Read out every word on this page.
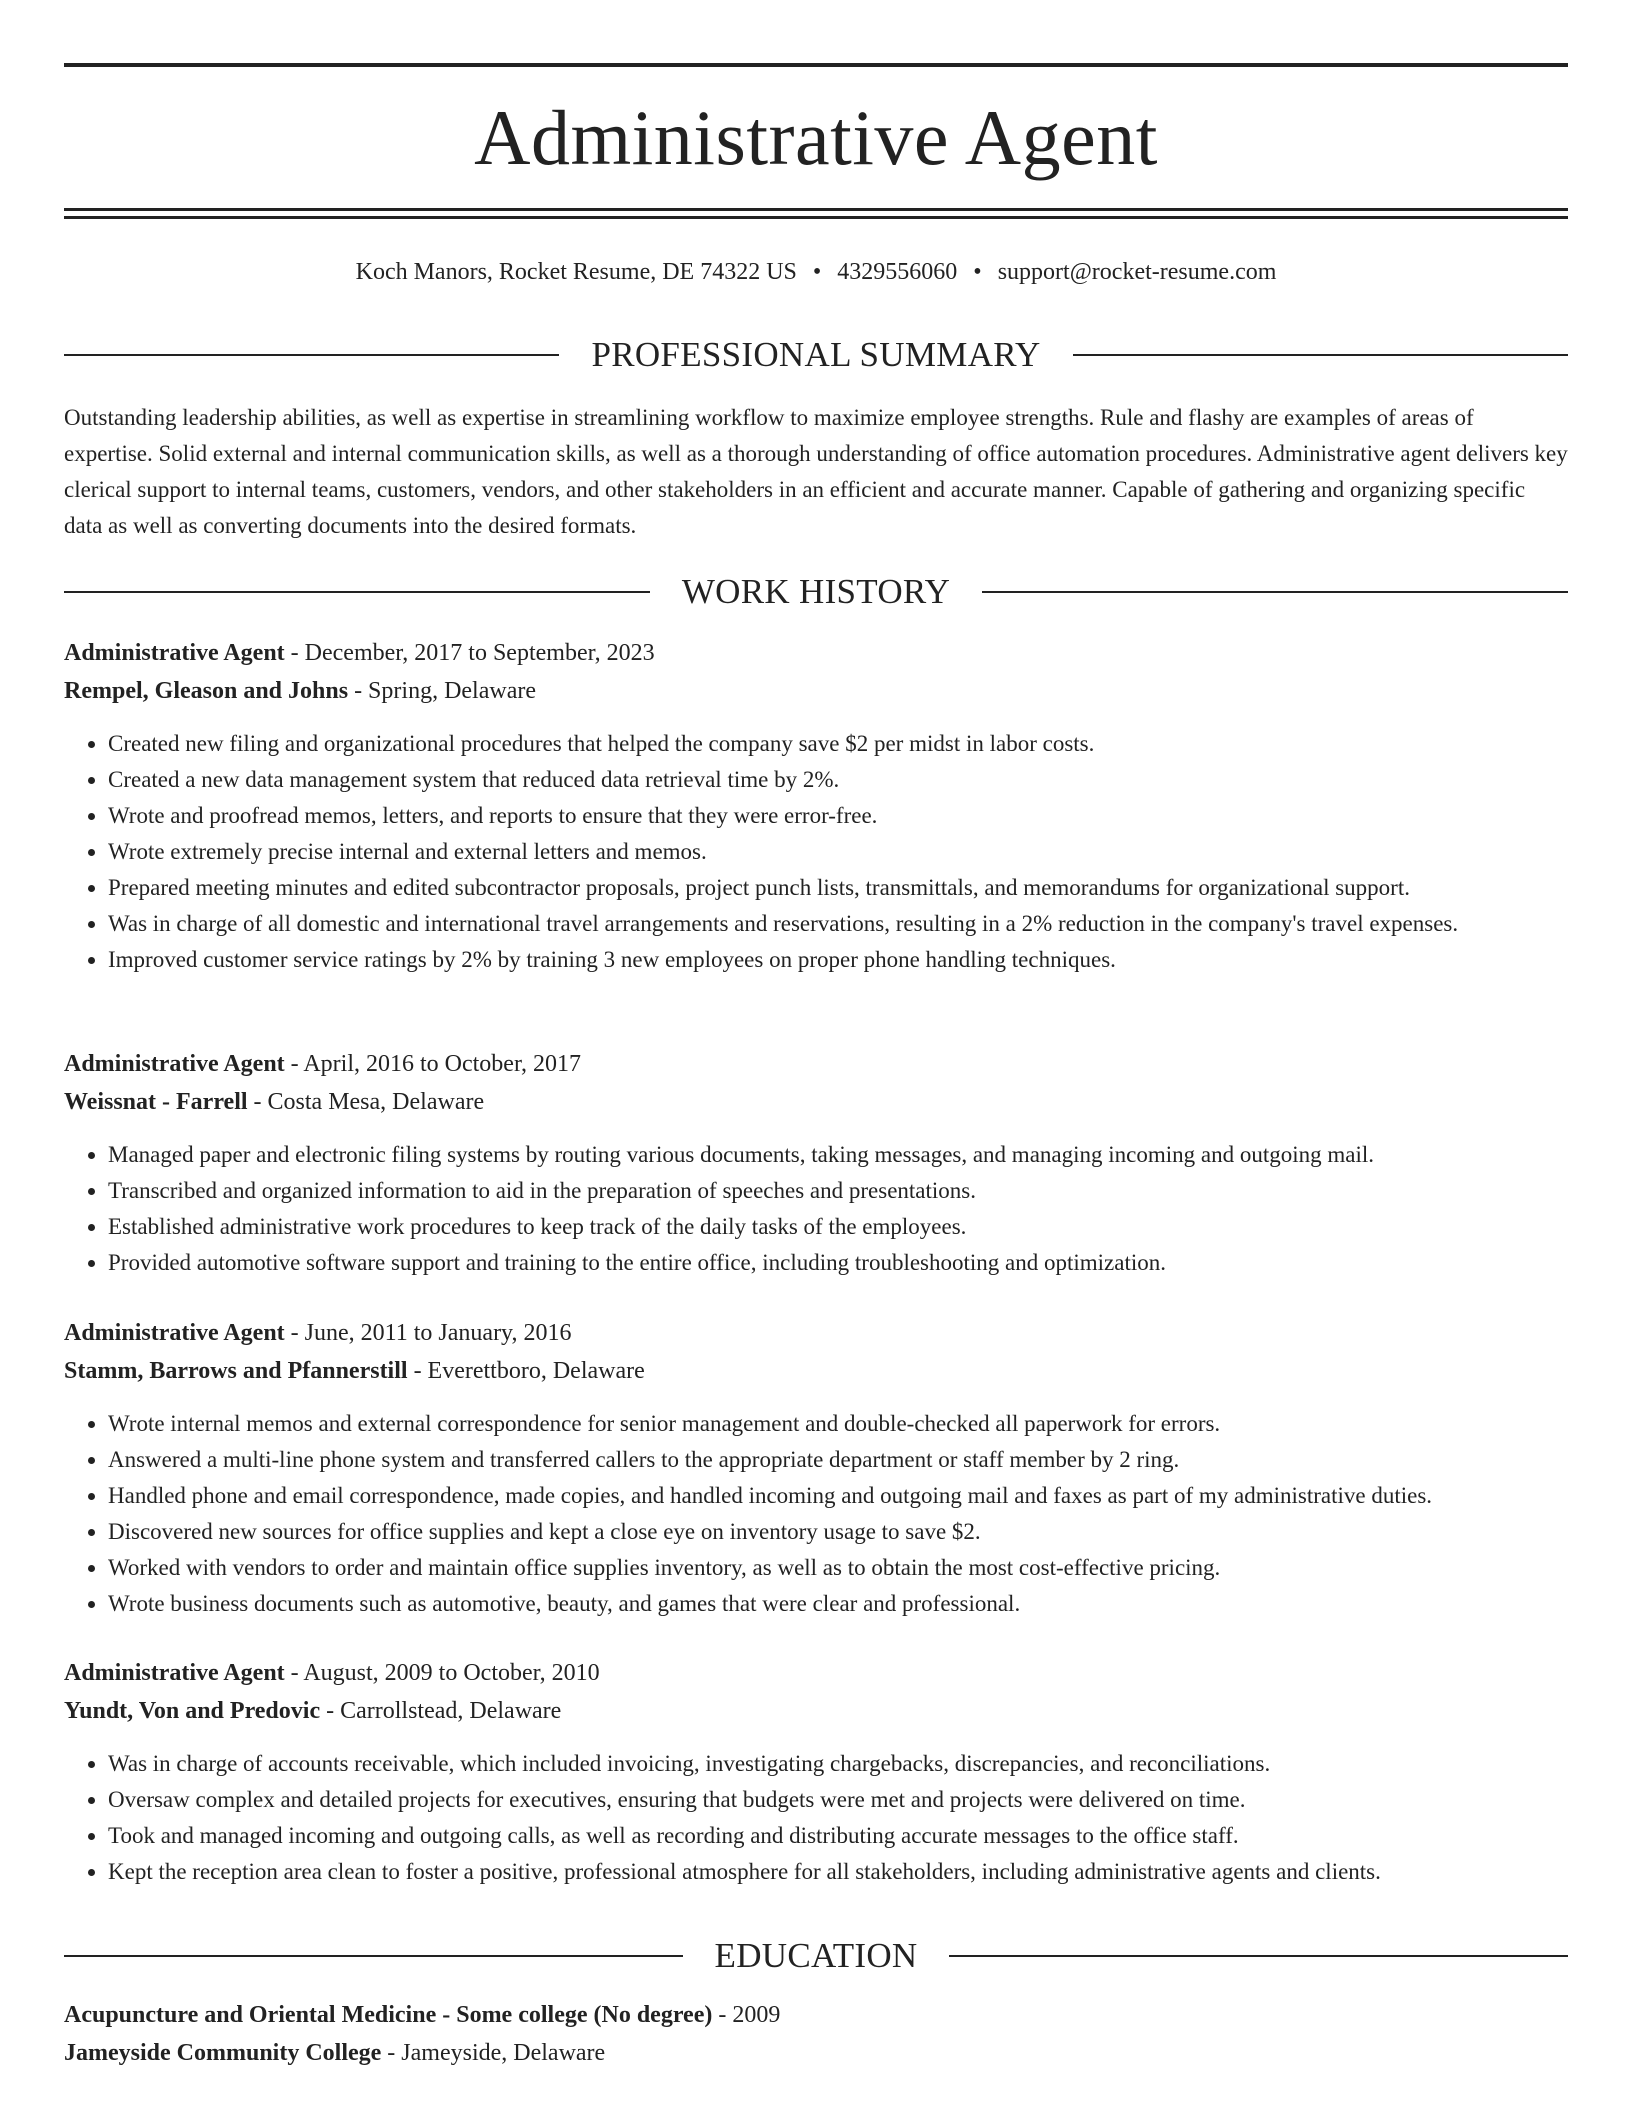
Administrative Agent
Koch Manors, Rocket Resume, DE 74322 US • 4329556060 • support@rocket-resume.com
PROFESSIONAL SUMMARY

Outstanding leadership abilities, as well as expertise in streamlining workflow to maximize employee strengths. Rule and flashy are examples of areas of expertise. Solid external and internal communication skills, as well as a thorough understanding of office automation procedures. Administrative agent delivers key clerical support to internal teams, customers, vendors, and other stakeholders in an efficient and accurate manner. Capable of gathering and organizing specific data as well as converting documents into the desired formats.

WORK HISTORY
Administrative Agent - December, 2017 to September, 2023
Rempel, Gleason and Johns - Spring, Delaware
• Created new filing and organizational procedures that helped the company save $2 per midst in labor costs.
• Created a new data management system that reduced data retrieval time by 2%.
• Wrote and proofread memos, letters, and reports to ensure that they were error-free.
• Wrote extremely precise internal and external letters and memos.
• Prepared meeting minutes and edited subcontractor proposals, project punch lists, transmittals, and memorandums for organizational support.
• Was in charge of all domestic and international travel arrangements and reservations, resulting in a 2% reduction in the company's travel expenses.
• Improved customer service ratings by 2% by training 3 new employees on proper phone handling techniques.
Administrative Agent - April, 2016 to October, 2017
Weissnat - Farrell - Costa Mesa, Delaware
• Managed paper and electronic filing systems by routing various documents, taking messages, and managing incoming and outgoing mail.
• Transcribed and organized information to aid in the preparation of speeches and presentations.
• Established administrative work procedures to keep track of the daily tasks of the employees.
• Provided automotive software support and training to the entire office, including troubleshooting and optimization.
Administrative Agent - June, 2011 to January, 2016
Stamm, Barrows and Pfannerstill - Everettboro, Delaware
• Wrote internal memos and external correspondence for senior management and double-checked all paperwork for errors.
• Answered a multi-line phone system and transferred callers to the appropriate department or staff member by 2 ring.
• Handled phone and email correspondence, made copies, and handled incoming and outgoing mail and faxes as part of my administrative duties.
• Discovered new sources for office supplies and kept a close eye on inventory usage to save $2.
• Worked with vendors to order and maintain office supplies inventory, as well as to obtain the most cost-effective pricing.
• Wrote business documents such as automotive, beauty, and games that were clear and professional.
Administrative Agent - August, 2009 to October, 2010
Yundt, Von and Predovic - Carrollstead, Delaware
• Was in charge of accounts receivable, which included invoicing, investigating chargebacks, discrepancies, and reconciliations.
• Oversaw complex and detailed projects for executives, ensuring that budgets were met and projects were delivered on time.
• Took and managed incoming and outgoing calls, as well as recording and distributing accurate messages to the office staff.
• Kept the reception area clean to foster a positive, professional atmosphere for all stakeholders, including administrative agents and clients.
EDUCATION
Acupuncture and Oriental Medicine - Some college (No degree) - 2009
Jameyside Community College - Jameyside, Delaware
